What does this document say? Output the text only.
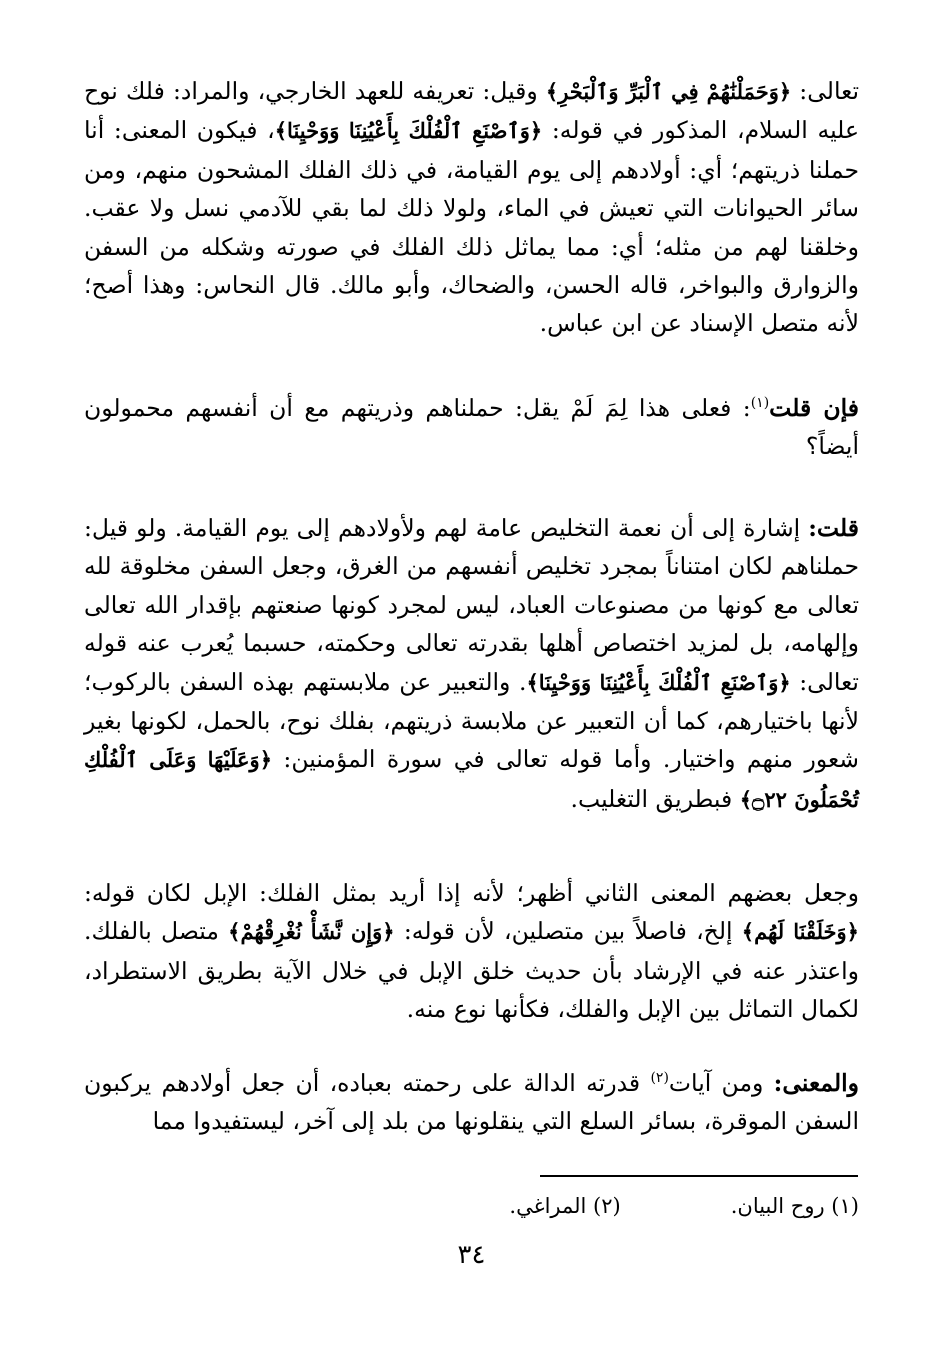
تعالى: ﴿وَحَمَلْنَٰهُمْ فِي ٱلْبَرِّ وَٱلْبَحْرِ﴾ وقيل: تعريفه للعهد الخارجي، والمراد: فلك نوح عليه السلام، المذكور في قوله: ﴿وَٱصْنَعِ ٱلْفُلْكَ بِأَعْيُنِنَا وَوَحْيِنَا﴾، فيكون المعنى: أنا حملنا ذريتهم؛ أي: أولادهم إلى يوم القيامة، في ذلك الفلك المشحون منهم، ومن سائر الحيوانات التي تعيش في الماء، ولولا ذلك لما بقي للآدمي نسل ولا عقب. وخلقنا لهم من مثله؛ أي: مما يماثل ذلك الفلك في صورته وشكله من السفن والزوارق والبواخر، قاله الحسن، والضحاك، وأبو مالك. قال النحاس: وهذا أصح؛ لأنه متصل الإسناد عن ابن عباس.

فإن قلت$^{(١)}$: فعلى هذا لِمَ لَمْ يقل: حملناهم وذريتهم مع أن أنفسهم محمولون أيضاً؟

قلت: إشارة إلى أن نعمة التخليص عامة لهم ولأولادهم إلى يوم القيامة. ولو قيل: حملناهم لكان امتناناً بمجرد تخليص أنفسهم من الغرق، وجعل السفن مخلوقة لله تعالى مع كونها من مصنوعات العباد، ليس لمجرد كونها صنعتهم بإقدار الله تعالى وإلهامه، بل لمزيد اختصاص أهلها بقدرته تعالى وحكمته، حسبما يُعرب عنه قوله تعالى: ﴿وَٱصْنَعِ ٱلْفُلْكَ بِأَعْيُنِنَا وَوَحْيِنَا﴾. والتعبير عن ملابستهم بهذه السفن بالركوب؛ لأنها باختيارهم، كما أن التعبير عن ملابسة ذريتهم، بفلك نوح، بالحمل، لكونها بغير شعور منهم واختيار. وأما قوله تعالى في سورة المؤمنين: ﴿وَعَلَيْهَا وَعَلَى ٱلْفُلْكِ تُحْمَلُونَ ۝٢٢﴾ فبطريق التغليب.

وجعل بعضهم المعنى الثاني أظهر؛ لأنه إذا أريد بمثل الفلك: الإبل لكان قوله: ﴿وَخَلَقْنَا لَهُم﴾ إلخ، فاصلاً بين متصلين، لأن قوله: ﴿وَإِن نَّشَأْ نُغْرِقْهُمْ﴾ متصل بالفلك. واعتذر عنه في الإرشاد بأن حديث خلق الإبل في خلال الآية بطريق الاستطراد، لكمال التماثل بين الإبل والفلك، فكأنها نوع منه.

والمعنى: ومن آيات$^{(٢)}$ قدرته الدالة على رحمته بعباده، أن جعل أولادهم يركبون السفن الموقرة، بسائر السلع التي ينقلونها من بلد إلى آخر، ليستفيدوا مما

(١) روح البيان.(٢) المراغي.
٣٤
